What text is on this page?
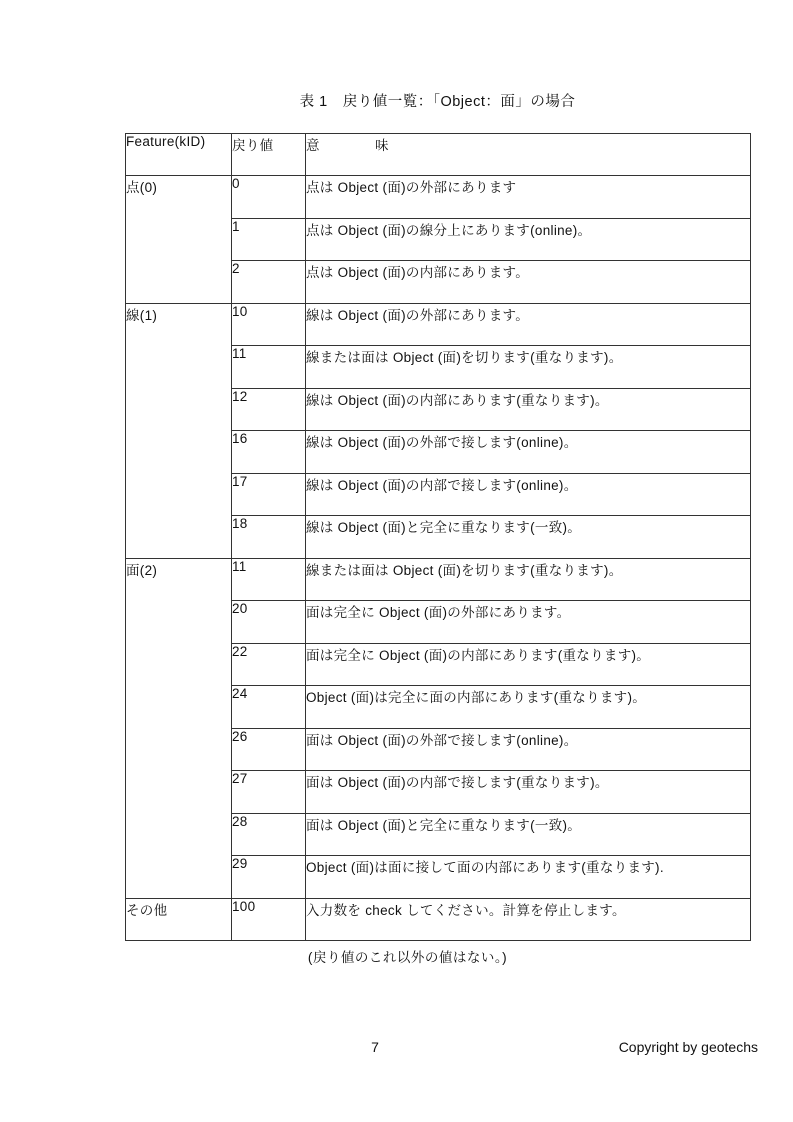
表 1　戻り値一覧：「Object：面」の場合
Feature(kID)	戻り値	意　　　　味
点(0)	0	点は Object (面)の外部にあります
	1	点は Object (面)の線分上にあります(online)。
	2	点は Object (面)の内部にあります。
線(1)	10	線は Object (面)の外部にあります。
	11	線または面は Object (面)を切ります(重なります)。
	12	線は Object (面)の内部にあります(重なります)。
	16	線は Object (面)の外部で接します(online)。
	17	線は Object (面)の内部で接します(online)。
	18	線は Object (面)と完全に重なります(一致)。
面(2)	11	線または面は Object (面)を切ります(重なります)。
	20	面は完全に Object (面)の外部にあります。
	22	面は完全に Object (面)の内部にあります(重なります)。
	24	Object (面)は完全に面の内部にあります(重なります)。
	26	面は Object (面)の外部で接します(online)。
	27	面は Object (面)の内部で接します(重なります)。
	28	面は Object (面)と完全に重なります(一致)。
	29	Object (面)は面に接して面の内部にあります(重なります).
その他	100	入力数を check してください。計算を停止します。
(戻り値のこれ以外の値はない。)
7	Copyright by geotechs
